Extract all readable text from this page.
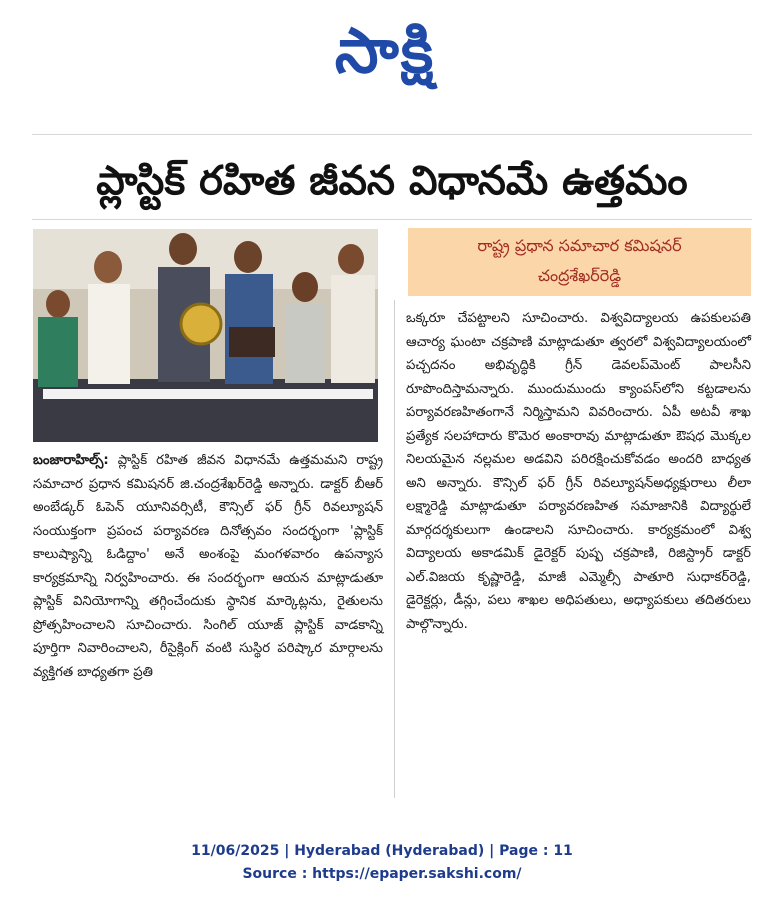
సాక్షి
ప్లాస్టిక్ రహిత జీవన విధానమే ఉత్తమం
రాష్ట్ర ప్రధాన సమాచార కమిషనర్
చంద్రశేఖర్‌రెడ్డి

బంజారాహిల్స్: ప్లాస్టిక్ రహిత జీవన విధానమే ఉత్తమమని రాష్ట్ర సమాచార ప్రధాన కమిషనర్ జి.చంద్రశేఖర్‌రెడ్డి అన్నారు. డాక్టర్ బీఆర్ అంబేడ్కర్ ఓపెన్ యూనివర్సిటీ, కౌన్సిల్ ఫర్ గ్రీన్ రివల్యూషన్ సంయుక్తంగా ప్రపంచ పర్యావరణ దినోత్సవం సందర్భంగా 'ప్లాస్టిక్ కాలుష్యాన్ని ఓడిద్దాం' అనే అంశంపై మంగళవారం ఉపన్యాస కార్యక్రమాన్ని నిర్వహించారు. ఈ సందర్భంగా ఆయన మాట్లాడుతూ ప్లాస్టిక్ వినియోగాన్ని తగ్గించేందుకు స్థానిక మార్కెట్లను, రైతులను ప్రోత్సహించాలని సూచించారు. సింగిల్ యూజ్ ప్లాస్టిక్ వాడకాన్ని పూర్తిగా నివారించాలని, రీసైక్లింగ్ వంటి సుస్థిర పరిష్కార మార్గాలను వ్యక్తిగత బాధ్యతగా ప్రతి

ఒక్కరూ చేపట్టాలని సూచించారు. విశ్వవిద్యాలయ ఉపకులపతి ఆచార్య ఘంటా చక్రపాణి మాట్లాడుతూ త్వరలో విశ్వవిద్యాలయంలో పచ్చదనం అభివృద్ధికి గ్రీన్ డెవలప్‌మెంట్ పాలసీని రూపొందిస్తామన్నారు. ముందుముందు క్యాంపస్‌లోని కట్టడాలను పర్యావరణహితంగానే నిర్మిస్తామని వివరించారు. ఏపీ అటవీ శాఖ ప్రత్యేక సలహాదారు కొమెర అంకారావు మాట్లాడుతూ ఔషధ మొక్కల నిలయమైన నల్లమల అడవిని పరిరక్షించుకోవడం అందరి బాధ్యత అని అన్నారు. కౌన్సిల్ ఫర్ గ్రీన్ రివల్యూషన్‌అధ్యక్షురాలు లీలా లక్ష్మారెడ్డి మాట్లాడుతూ పర్యావరణహిత సమాజానికి విద్యార్థులే మార్గదర్శకులుగా ఉండాలని సూచించారు. కార్యక్రమంలో విశ్వ విద్యాలయ అకాడమిక్ డైరెక్టర్ పుష్ప చక్రపాణి, రిజిస్ట్రార్ డాక్టర్ ఎల్.విజయ కృష్ణారెడ్డి, మాజీ ఎమ్మెల్సీ పాతూరి సుధాకర్‌రెడ్డి, డైరెక్టర్లు, డీన్లు, పలు శాఖల అధిపతులు, అధ్యాపకులు తదితరులు పాల్గొన్నారు.

11/06/2025 | Hyderabad (Hyderabad) | Page : 11
Source : https://epaper.sakshi.com/
